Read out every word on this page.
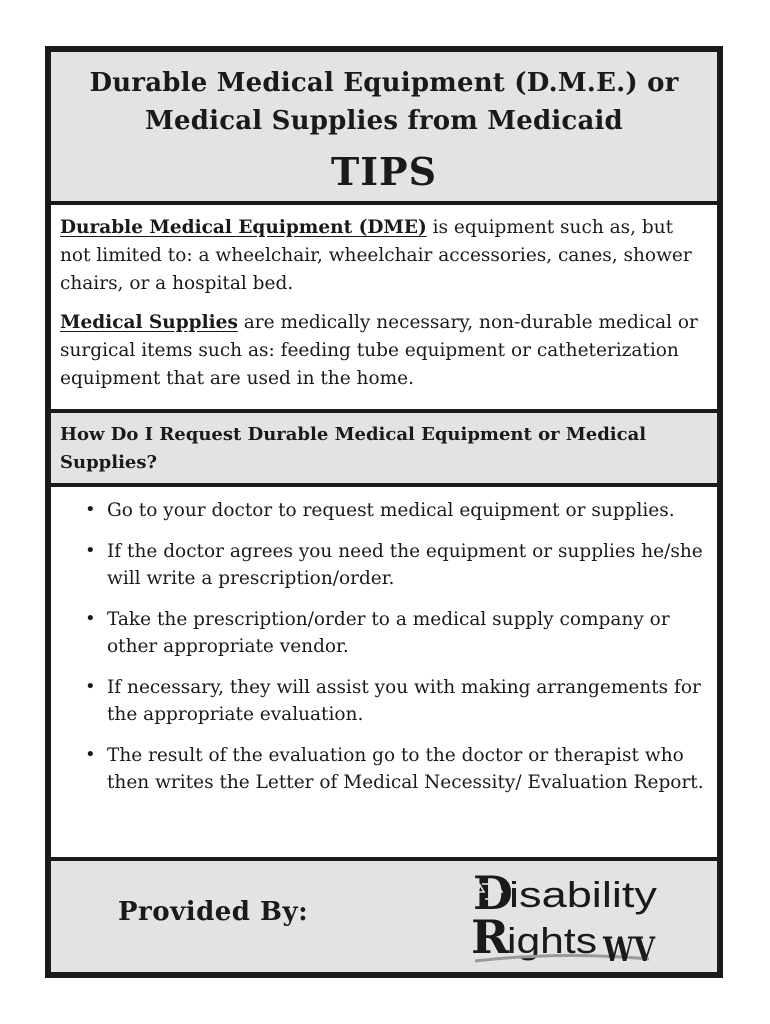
Durable Medical Equipment (D.M.E.) or
Medical Supplies from Medicaid
TIPS

Durable Medical Equipment (DME) is equipment such as, but not limited to: a wheelchair, wheelchair accessories, canes, shower chairs, or a hospital bed.

Medical Supplies are medically necessary, non-durable medical or surgical items such as: feeding tube equipment or catheterization equipment that are used in the home.

How Do I Request Durable Medical Equipment or Medical Supplies?
• Go to your doctor to request medical equipment or supplies.
• If the doctor agrees you need the equipment or supplies he/she will write a prescription/order.
• Take the prescription/order to a medical supply company or other appropriate vendor.
• If necessary, they will assist you with making arrangements for the appropriate evaluation.
• The result of the evaluation go to the doctor or therapist who then writes the Letter of Medical Necessity/ Evaluation Report.
Provided By:	D
isability
R
ights WV
